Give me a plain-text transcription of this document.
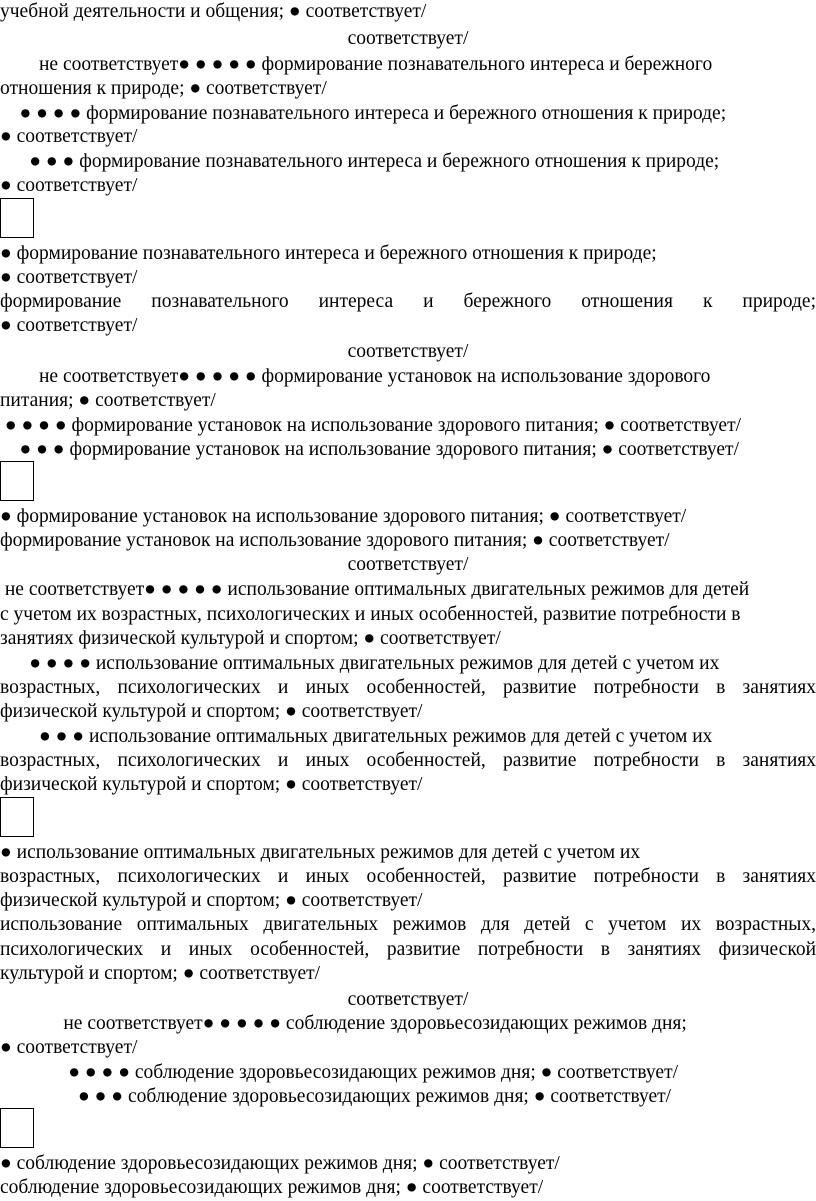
учебной деятельности и общения; ● соответствует/
соответствует/
не соответствует● ● ● ● ● формирование познавательного интереса и бережного
отношения к природе; ● соответствует/
● ● ● ● формирование познавательного интереса и бережного отношения к природе;
● соответствует/
● ● ● формирование познавательного интереса и бережного отношения к природе;
● соответствует/
● формирование познавательного интереса и бережного отношения к природе;
● соответствует/
формирование познавательного интереса и бережного отношения к природе;
● соответствует/
соответствует/
не соответствует● ● ● ● ● формирование установок на использование здорового
питания; ● соответствует/
● ● ● ● формирование установок на использование здорового питания; ● соответствует/
● ● ● формирование установок на использование здорового питания; ● соответствует/
● формирование установок на использование здорового питания; ● соответствует/
формирование установок на использование здорового питания; ● соответствует/
соответствует/
не соответствует● ● ● ● ● использование оптимальных двигательных режимов для детей
с учетом их возрастных, психологических и иных особенностей, развитие потребности в
занятиях физической культурой и спортом; ● соответствует/
● ● ● ● использование оптимальных двигательных режимов для детей с учетом их
возрастных, психологических и иных особенностей, развитие потребности в занятиях
физической культурой и спортом; ● соответствует/
● ● ● использование оптимальных двигательных режимов для детей с учетом их
возрастных, психологических и иных особенностей, развитие потребности в занятиях
физической культурой и спортом; ● соответствует/
● использование оптимальных двигательных режимов для детей с учетом их
возрастных, психологических и иных особенностей, развитие потребности в занятиях
физической культурой и спортом; ● соответствует/
использование оптимальных двигательных режимов для детей с учетом их возрастных,
психологических и иных особенностей, развитие потребности в занятиях физической
культурой и спортом; ● соответствует/
соответствует/
не соответствует● ● ● ● ● соблюдение здоровьесозидающих режимов дня;
● соответствует/
● ● ● ● соблюдение здоровьесозидающих режимов дня; ● соответствует/
● ● ● соблюдение здоровьесозидающих режимов дня; ● соответствует/
● соблюдение здоровьесозидающих режимов дня; ● соответствует/
соблюдение здоровьесозидающих режимов дня; ● соответствует/
